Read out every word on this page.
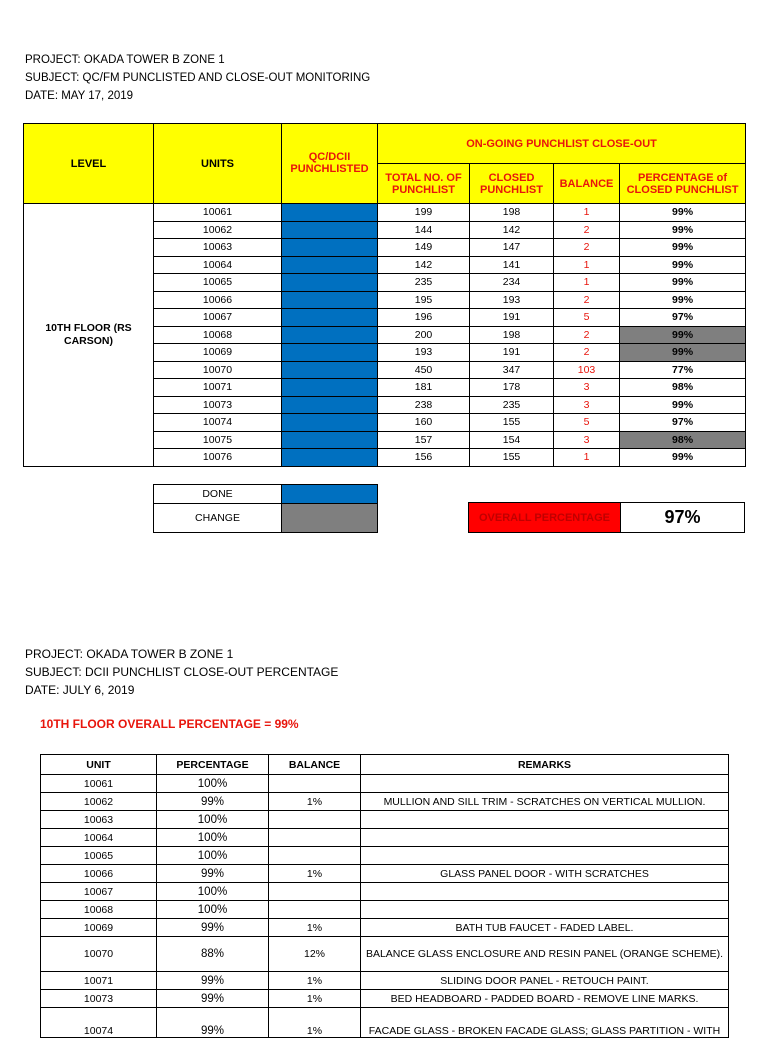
PROJECT: OKADA TOWER B ZONE 1
SUBJECT: QC/FM PUNCLISTED AND CLOSE-OUT MONITORING
DATE: MAY 17, 2019
LEVEL	UNITS	QC/DCII PUNCHLISTED	ON-GOING PUNCHLIST CLOSE-OUT			
			TOTAL NO. OF PUNCHLIST	CLOSED PUNCHLIST	BALANCE	PERCENTAGE of CLOSED PUNCHLIST
10TH FLOOR (RS CARSON)	10061		199	198	1	99%
	10062		144	142	2	99%
	10063		149	147	2	99%
	10064		142	141	1	99%
	10065		235	234	1	99%
	10066		195	193	2	99%
	10067		196	191	5	97%
	10068		200	198	2	99%
	10069		193	191	2	99%
	10070		450	347	103	77%
	10071		181	178	3	98%
	10073		238	235	3	99%
	10074		160	155	5	97%
	10075		157	154	3	98%
	10076		156	155	1	99%
DONE	
CHANGE		OVERALL PERCENTAGE	97%
PROJECT: OKADA TOWER B ZONE 1
SUBJECT: DCII PUNCHLIST CLOSE-OUT PERCENTAGE
DATE: JULY 6, 2019
10TH FLOOR OVERALL PERCENTAGE = 99%
UNIT	PERCENTAGE	BALANCE	REMARKS
10061	100%		
10062	99%	1%	MULLION AND SILL TRIM - SCRATCHES ON VERTICAL MULLION.
10063	100%		
10064	100%		
10065	100%		
10066	99%	1%	GLASS PANEL DOOR - WITH SCRATCHES
10067	100%		
10068	100%		
10069	99%	1%	BATH TUB FAUCET - FADED LABEL.
10070	88%	12%	BALANCE GLASS ENCLOSURE AND RESIN PANEL (ORANGE SCHEME).
10071	99%	1%	SLIDING DOOR PANEL - RETOUCH PAINT.
10073	99%	1%	BED HEADBOARD - PADDED BOARD - REMOVE LINE MARKS.
10074	99%	1%	FACADE GLASS - BROKEN FACADE GLASS; GLASS PARTITION - WITH
